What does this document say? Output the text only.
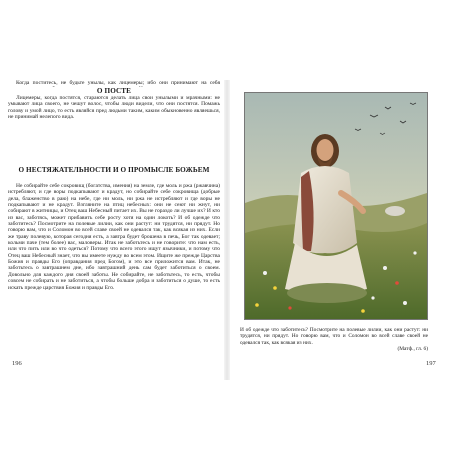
Когда поститесь, не будьте унылы, как лицемеры; ибо они принимают на себя

О ПОСТЕ

Лицемеры, когда постятся, стараются делать лица свои унылыми и мрачными: не умывают лица своего, не чешут волос, чтобы люди видели, что они постятся. Помажь голову и умой лицо, то есть являйся пред людьми таким, каким обыкновенно являешься, не принимай нелепого вида.

О НЕСТЯЖАТЕЛЬНОСТИ И О ПРОМЫСЛЕ БОЖЬЕМ

Не собирайте себе сокровищ (богатства, имения) на земле, где моль и ржа (ржавчина) истребляют, и где воры подкапывают и крадут, но собирайте себе сокровища (добрые дела, блаженство в раю) на небе, где ни моль, ни ржа не истребляют и где воры не подкапывают и не крадут. Взгляните на птиц небесных: они не сеют ни жнут, ни собирают в житницы, и Отец ваш Небесный питает их. Вы не гораздо ли лучше их? И кто из вас, заботясь, может прибавить себе росту хотя на один локоть? И об одежде что заботитесь? Посмотрите на полевые лилии, как они растут: ни трудятся, ни прядут. Но говорю вам, что и Соломон во всей славе своей не одевался так, как всякая из них. Если же траву полевую, которая сегодня есть, а завтра будет брошена в печь, Бог так одевает; кольми паче (тем более) вас, маловеры. Итак не заботьтесь и не говорите: что нам есть, или что пить или во что одеться? Потому что всего этого ищут язычники, и потому что Отец ваш Небесный знает, что вы имеете нужду во всем этом. Ищите же прежде Царства Божия и правды Его (оправдания пред Богом), и это все приложится вам. Итак, не заботьтесь о завтрашнем дне, ибо завтрашний день сам будет заботиться о своем. Довольно для каждого дня своей заботы. Не собирайте, не заботьтесь, то есть, чтобы совсем не собирать и не заботиться, а чтобы больше добра и заботиться о душе, то есть искать прежде царствия Божия и правды Его.

И об одежде что заботитесь? Посмотрите на полевые лилии, как они растут: ни трудятся, ни прядут. Но говорю вам, что и Соломон во всей славе своей не одевался так, как всякая из них.
(Матф., гл. 6)
196	197
